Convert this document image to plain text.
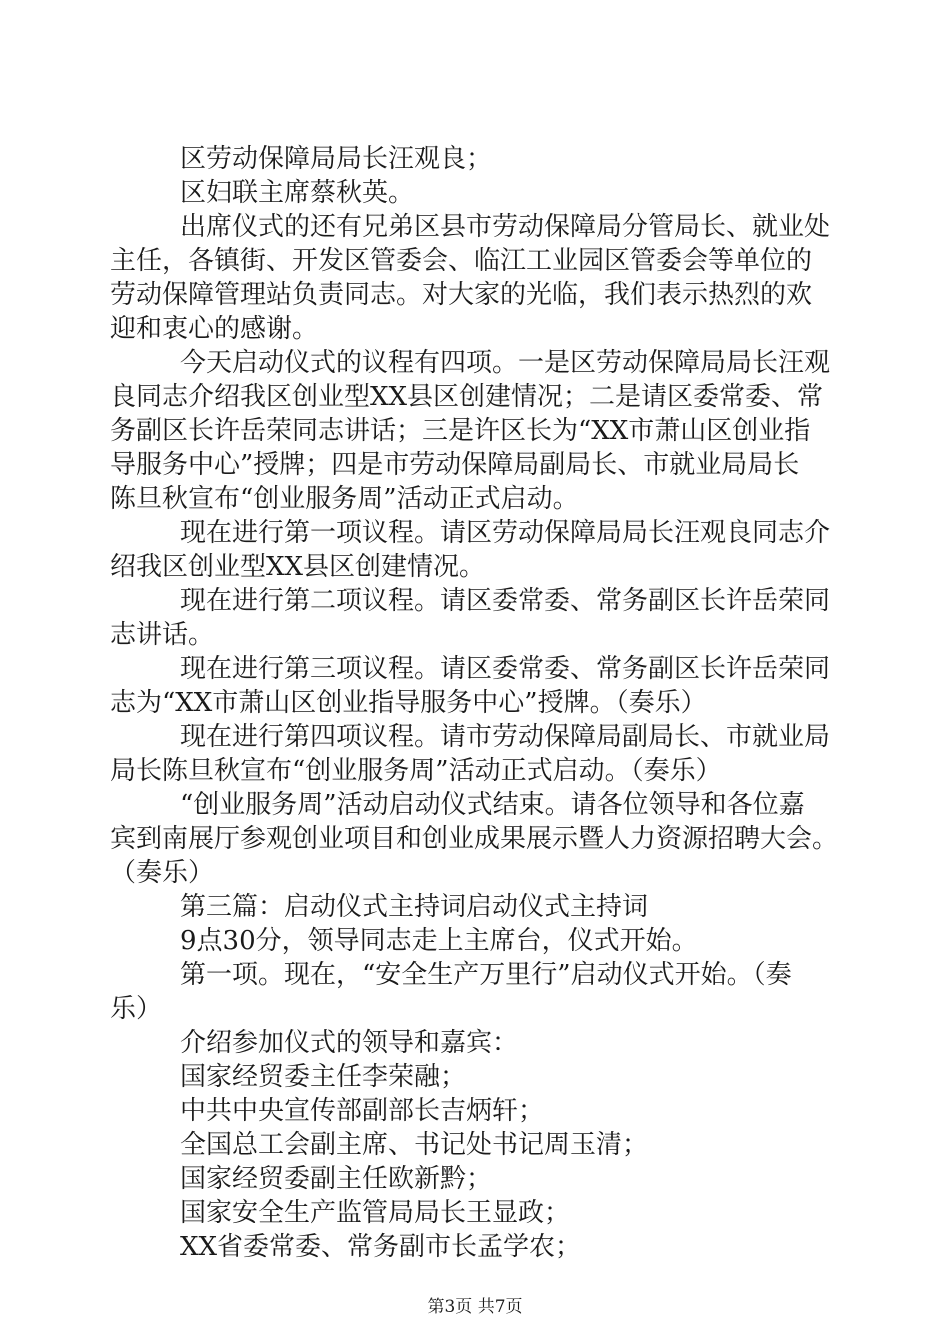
区劳动保障局局长汪观良；
区妇联主席蔡秋英。
出席仪式的还有兄弟区县市劳动保障局分管局长、就业处
主任，各镇街、开发区管委会、临江工业园区管委会等单位的
劳动保障管理站负责同志。对大家的光临，我们表示热烈的欢
迎和衷心的感谢。
今天启动仪式的议程有四项。一是区劳动保障局局长汪观
良同志介绍我区创业型XX县区创建情况；二是请区委常委、常
务副区长许岳荣同志讲话；三是许区长为“XX市萧山区创业指
导服务中心”授牌；四是市劳动保障局副局长、市就业局局长
陈旦秋宣布“创业服务周”活动正式启动。
现在进行第一项议程。请区劳动保障局局长汪观良同志介
绍我区创业型XX县区创建情况。
现在进行第二项议程。请区委常委、常务副区长许岳荣同
志讲话。
现在进行第三项议程。请区委常委、常务副区长许岳荣同
志为“XX市萧山区创业指导服务中心”授牌。（奏乐）
现在进行第四项议程。请市劳动保障局副局长、市就业局
局长陈旦秋宣布“创业服务周”活动正式启动。（奏乐）
“创业服务周”活动启动仪式结束。请各位领导和各位嘉
宾到南展厅参观创业项目和创业成果展示暨人力资源招聘大会。
（奏乐）
第三篇：启动仪式主持词启动仪式主持词
9点30分，领导同志走上主席台，仪式开始。
第一项。现在，“安全生产万里行”启动仪式开始。（奏
乐）
介绍参加仪式的领导和嘉宾：
国家经贸委主任李荣融；
中共中央宣传部副部长吉炳轩；
全国总工会副主席、书记处书记周玉清；
国家经贸委副主任欧新黔；
国家安全生产监管局局长王显政；
XX省委常委、常务副市长孟学农；
第3页 共7页
